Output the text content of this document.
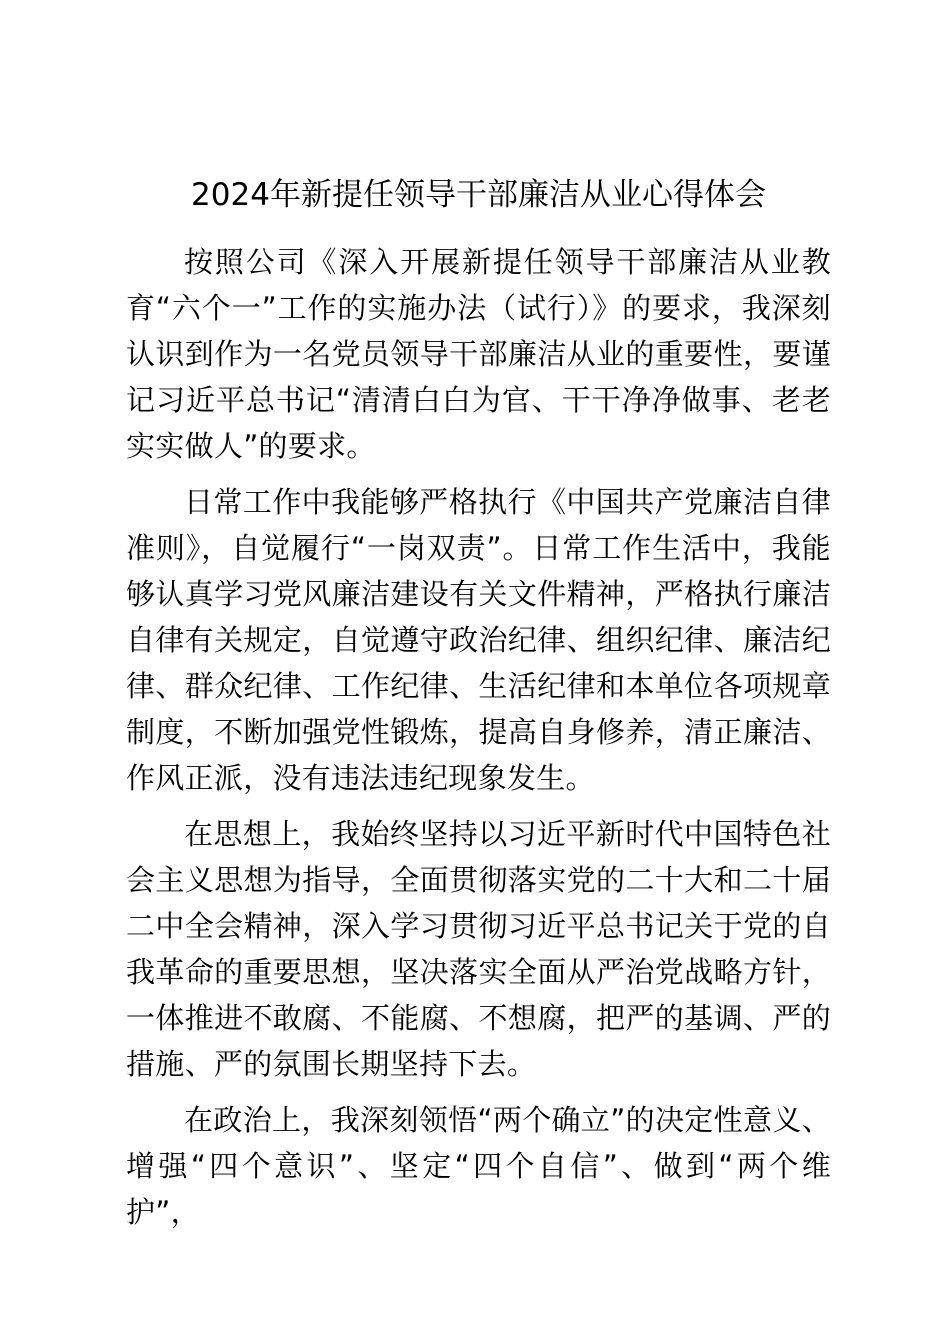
2024年新提任领导干部廉洁从业心得体会

按照公司《深入开展新提任领导干部廉洁从业教育“六个一”工作的实施办法（试行）》的要求，我深刻认识到作为一名党员领导干部廉洁从业的重要性，要谨记习近平总书记“清清白白为官、干干净净做事、老老实实做人”的要求。

日常工作中我能够严格执行《中国共产党廉洁自律准则》，自觉履行“一岗双责”。日常工作生活中，我能够认真学习党风廉洁建设有关文件精神，严格执行廉洁自律有关规定，自觉遵守政治纪律、组织纪律、廉洁纪律、群众纪律、工作纪律、生活纪律和本单位各项规章制度，不断加强党性锻炼，提高自身修养，清正廉洁、作风正派，没有违法违纪现象发生。

在思想上，我始终坚持以习近平新时代中国特色社会主义思想为指导，全面贯彻落实党的二十大和二十届二中全会精神，深入学习贯彻习近平总书记关于党的自我革命的重要思想，坚决落实全面从严治党战略方针，一体推进不敢腐、不能腐、不想腐，把严的基调、严的措施、严的氛围长期坚持下去。

在政治上，我深刻领悟“两个确立”的决定性意义、增强“四个意识”、坚定“四个自信”、做到“两个维护”，
